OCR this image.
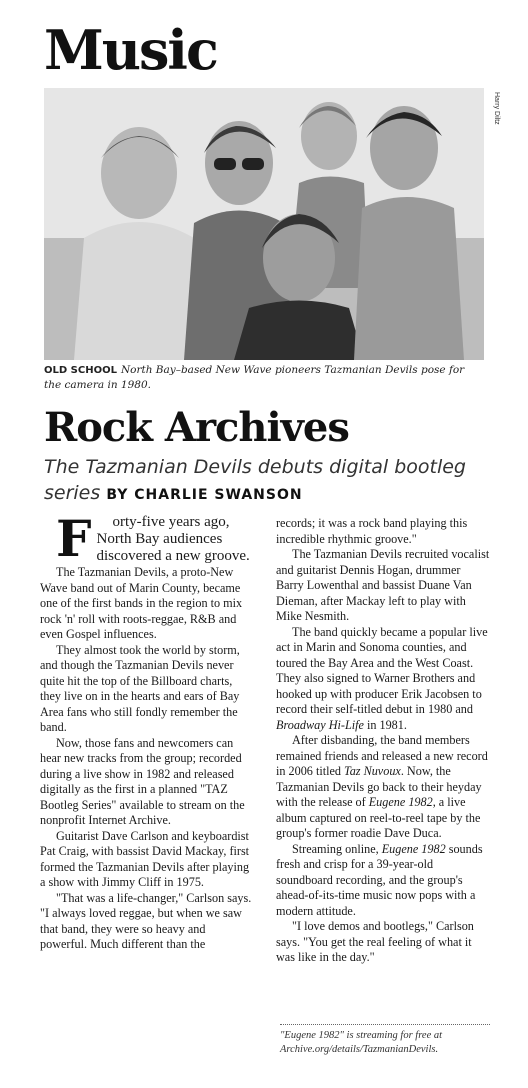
Music
Harry Diltz
OLD SCHOOL North Bay–based New Wave pioneers Tazmanian Devils pose for the camera in 1980.
Rock Archives
The Tazmanian Devils debuts digital bootleg series BY CHARLIE SWANSON

F orty-five years ago, North Bay audiences discovered a new groove.

The Tazmanian Devils, a proto-New Wave band out of Marin County, became one of the first bands in the region to mix rock 'n' roll with roots-reggae, R&B and even Gospel influences.

They almost took the world by storm, and though the Tazmanian Devils never quite hit the top of the Billboard charts, they live on in the hearts and ears of Bay Area fans who still fondly remember the band.

Now, those fans and newcomers can hear new tracks from the group; recorded during a live show in 1982 and released digitally as the first in a planned "TAZ Bootleg Series" available to stream on the nonprofit Internet Archive.

Guitarist Dave Carlson and keyboardist Pat Craig, with bassist David Mackay, first formed the Tazmanian Devils after playing a show with Jimmy Cliff in 1975.

"That was a life-changer," Carlson says. "I always loved reggae, but when we saw that band, they were so heavy and powerful. Much different than the

records; it was a rock band playing this incredible rhythmic groove."

The Tazmanian Devils recruited vocalist and guitarist Dennis Hogan, drummer Barry Lowenthal and bassist Duane Van Dieman, after Mackay left to play with Mike Nesmith.

The band quickly became a popular live act in Marin and Sonoma counties, and toured the Bay Area and the West Coast. They also signed to Warner Brothers and hooked up with producer Erik Jacobsen to record their self-titled debut in 1980 and Broadway Hi-Life in 1981.

After disbanding, the band members remained friends and released a new record in 2006 titled Taz Nuvoux. Now, the Tazmanian Devils go back to their heyday with the release of Eugene 1982, a live album captured on reel-to-reel tape by the group's former roadie Dave Duca.

Streaming online, Eugene 1982 sounds fresh and crisp for a 39-year-old soundboard recording, and the group's ahead-of-its-time music now pops with a modern attitude.

"I love demos and bootlegs," Carlson says. "You get the real feeling of what it was like in the day."

"Eugene 1982" is streaming for free at Archive.org/details/TazmanianDevils.
